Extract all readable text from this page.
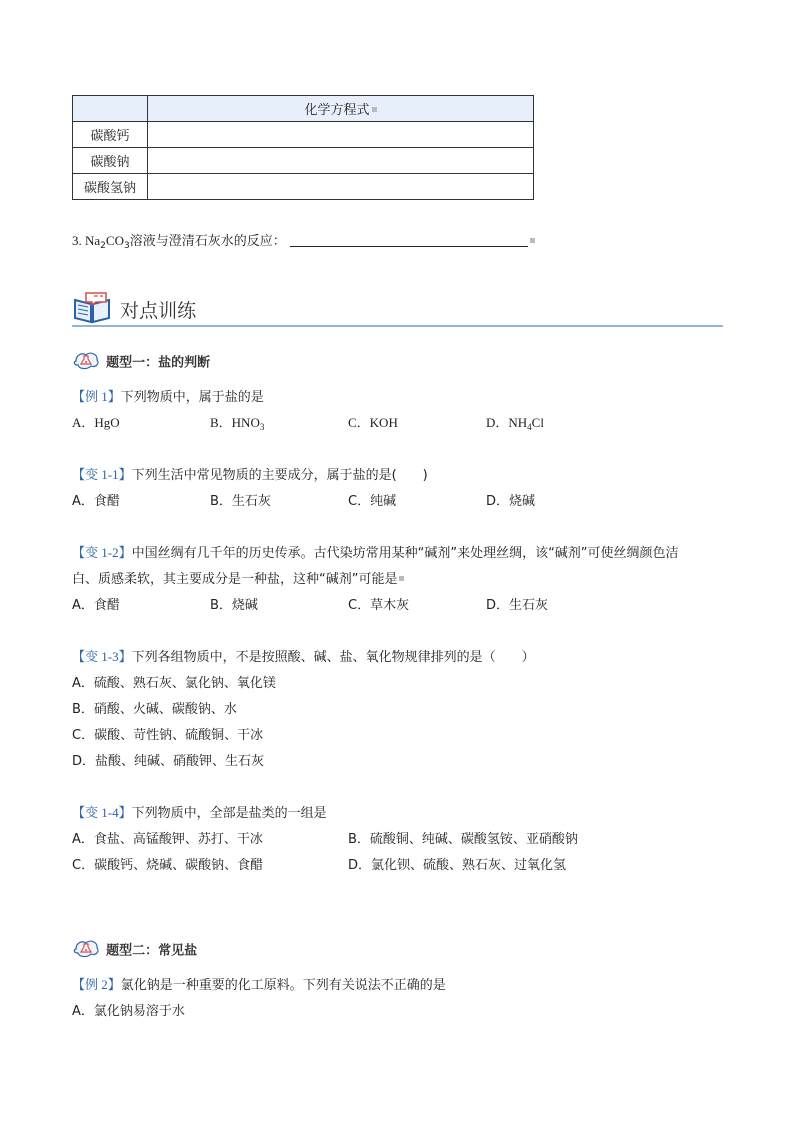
	化学方程式
碳酸钙	
碳酸钠	
碳酸氢钠	
3. $Na_2CO_3$溶液与澄清石灰水的反应：
对点训练
题型一：盐的判断
【例 1】下列物质中，属于盐的是
A．HgO	B．$HNO_3$	C．KOH	D．$NH_4Cl$
【变 1-1】下列生活中常见物质的主要成分，属于盐的是(　　)
A．食醋	B．生石灰	C．纯碱	D．烧碱
【变 1-2】中国丝绸有几千年的历史传承。古代染坊常用某种“碱剂”来处理丝绸，该“碱剂”可使丝绸颜色洁
白、质感柔软，其主要成分是一种盐，这种“碱剂”可能是
A．食醋	B．烧碱	C．草木灰	D．生石灰
【变 1-3】下列各组物质中，不是按照酸、碱、盐、氧化物规律排列的是（　　）
A．硫酸、熟石灰、氯化钠、氧化镁
B．硝酸、火碱、碳酸钠、水
C．碳酸、苛性钠、硫酸铜、干冰
D．盐酸、纯碱、硝酸钾、生石灰
【变 1-4】下列物质中，全部是盐类的一组是
A．食盐、高锰酸钾、苏打、干冰	B．硫酸铜、纯碱、碳酸氢铵、亚硝酸钠
C．碳酸钙、烧碱、碳酸钠、食醋	D．氯化钡、硫酸、熟石灰、过氧化氢
题型二：常见盐
【例 2】氯化钠是一种重要的化工原料。下列有关说法不正确的是
A．氯化钠易溶于水
